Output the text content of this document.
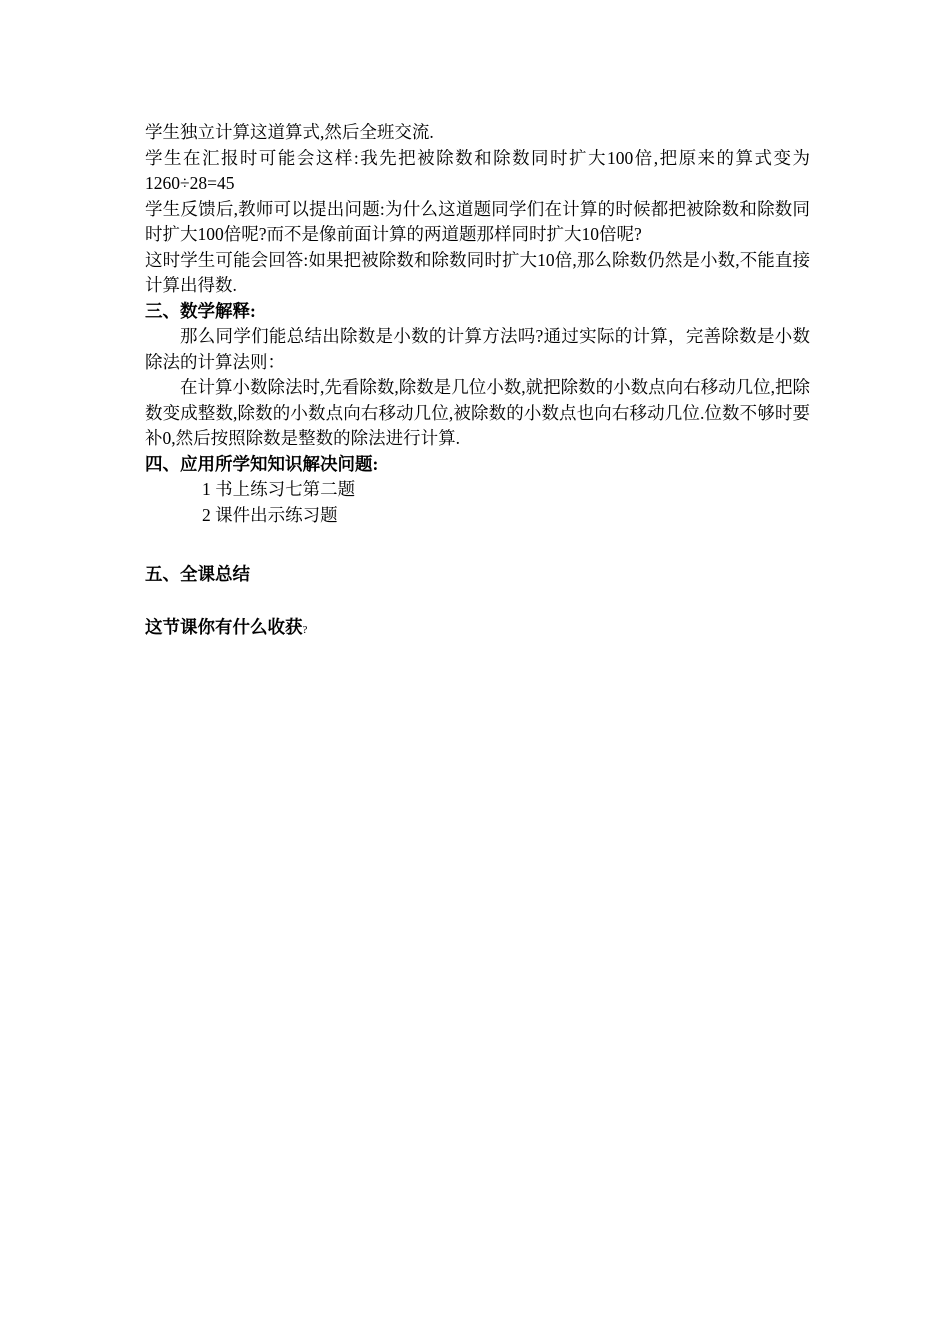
学生独立计算这道算式,然后全班交流.

学生在汇报时可能会这样:我先把被除数和除数同时扩大100倍,把原来的算式变为1260÷28=45

学生反馈后,教师可以提出问题:为什么这道题同学们在计算的时候都把被除数和除数同时扩大100倍呢?而不是像前面计算的两道题那样同时扩大10倍呢?

这时学生可能会回答:如果把被除数和除数同时扩大10倍,那么除数仍然是小数,不能直接计算出得数.

三、数学解释:

那么同学们能总结出除数是小数的计算方法吗?通过实际的计算，完善除数是小数除法的计算法则：

在计算小数除法时,先看除数,除数是几位小数,就把除数的小数点向右移动几位,把除数变成整数,除数的小数点向右移动几位,被除数的小数点也向右移动几位.位数不够时要补0,然后按照除数是整数的除法进行计算.

四、应用所学知知识解决问题:

1 书上练习七第二题

2 课件出示练习题

五、全课总结

这节课你有什么收获?
